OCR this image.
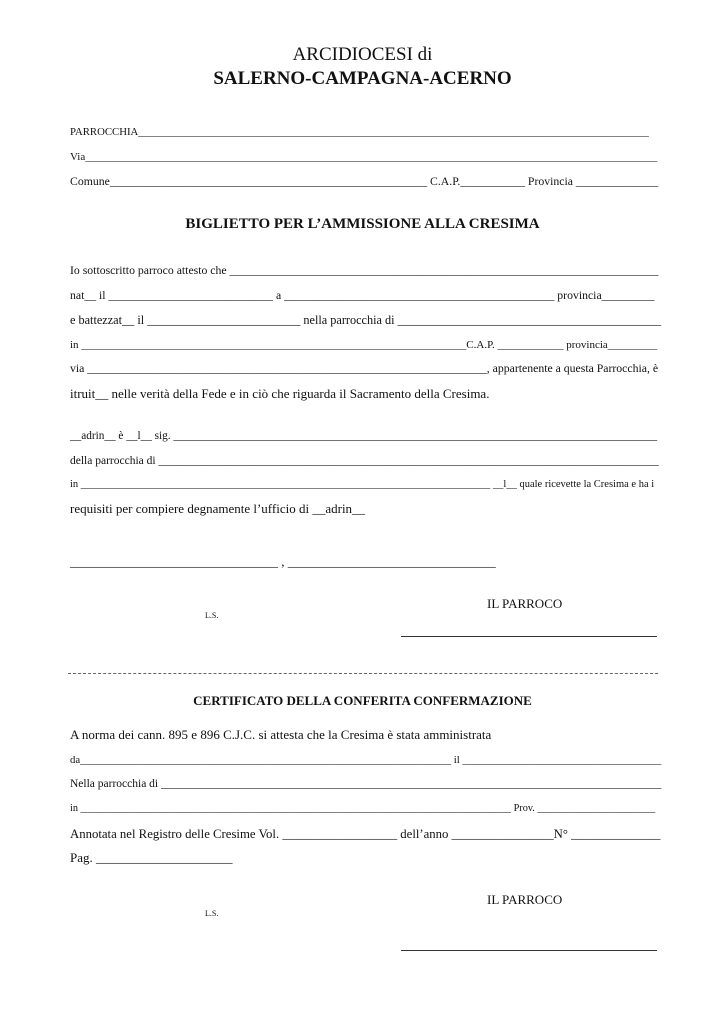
ARCIDIOCESI di
SALERNO-CAMPAGNA-ACERNO
PARROCCHIA_______________________________________________________________________________________________
Via________________________________________________________________________________________________________
Comune______________________________________________________ C.A.P.___________ Provincia ______________
BIGLIETTO PER L’AMMISSIONE ALLA CRESIMA
Io sottoscritto parroco attesto che _________________________________________________________________________
nat__ il ____________________________ a ______________________________________________ provincia_________
e battezzat__ il _________________________ nella parrocchia di ___________________________________________
in ______________________________________________________________________C.A.P. ____________ provincia_________
via ____________________________________________________________________, appartenente a questa Parrocchia, è
itruit__ nelle verità della Fede e in ciò che riguarda il Sacramento della Cresima.
__adrin__ è __l__ sig. ______________________________________________________________________________________
della parrocchia di _______________________________________________________________________________________
in ______________________________________________________________________________ __l__ quale ricevette la Cresima e ha i
requisiti per compiere degnamente l’ufficio di __adrin__
________________________________ , ________________________________
IL PARROCO
L.S.
CERTIFICATO DELLA CONFERITA CONFERMAZIONE
A norma dei cann. 895 e 896 C.J.C. si attesta che la Cresima è stata amministrata
da_____________________________________________________________________ il _____________________________________
Nella parrocchia di _______________________________________________________________________________________
in ____________________________________________________________________________________ Prov. _______________________
Annotata nel Registro delle Cresime Vol. __________________ dell’anno ________________N° ______________
Pag. _____________________
IL PARROCO
L.S.
